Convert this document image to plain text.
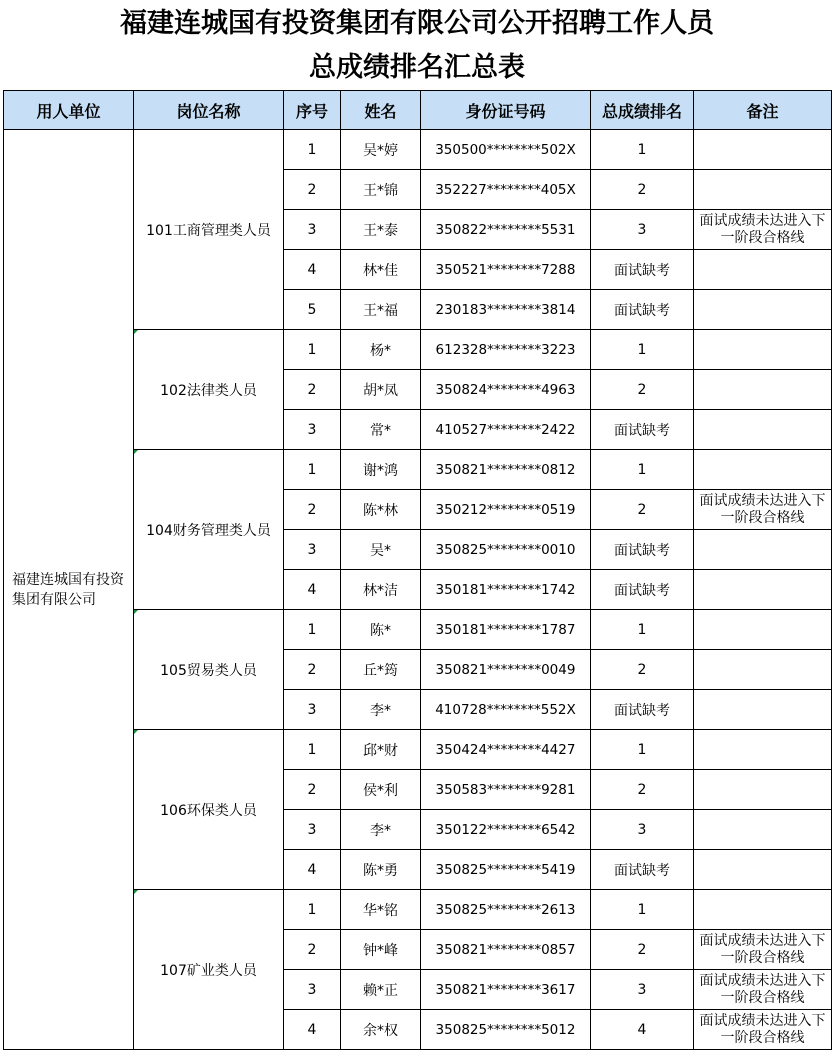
福建连城国有投资集团有限公司公开招聘工作人员
总成绩排名汇总表
用人单位	岗位名称	序号	姓名	身份证号码	总成绩排名	备注
福建连城国有投资集团有限公司	101工商管理类人员	1	吴*婷	350500********502X	1	
		2	王*锦	352227********405X	2	
		3	王*泰	350822********5531	3	面试成绩未达进入下一阶段合格线
		4	林*佳	350521********7288	面试缺考	
		5	王*福	230183********3814	面试缺考	
	102法律类人员	1	杨*	612328********3223	1	
		2	胡*凤	350824********4963	2	
		3	常*	410527********2422	面试缺考	
	104财务管理类人员	1	谢*鸿	350821********0812	1	
		2	陈*林	350212********0519	2	面试成绩未达进入下一阶段合格线
		3	吴*	350825********0010	面试缺考	
		4	林*洁	350181********1742	面试缺考	
	105贸易类人员	1	陈*	350181********1787	1	
		2	丘*筠	350821********0049	2	
		3	李*	410728********552X	面试缺考	
	106环保类人员	1	邱*财	350424********4427	1	
		2	侯*利	350583********9281	2	
		3	李*	350122********6542	3	
		4	陈*勇	350825********5419	面试缺考	
	107矿业类人员	1	华*铭	350825********2613	1	
		2	钟*峰	350821********0857	2	面试成绩未达进入下一阶段合格线
		3	赖*正	350821********3617	3	面试成绩未达进入下一阶段合格线
		4	余*权	350825********5012	4	面试成绩未达进入下一阶段合格线
